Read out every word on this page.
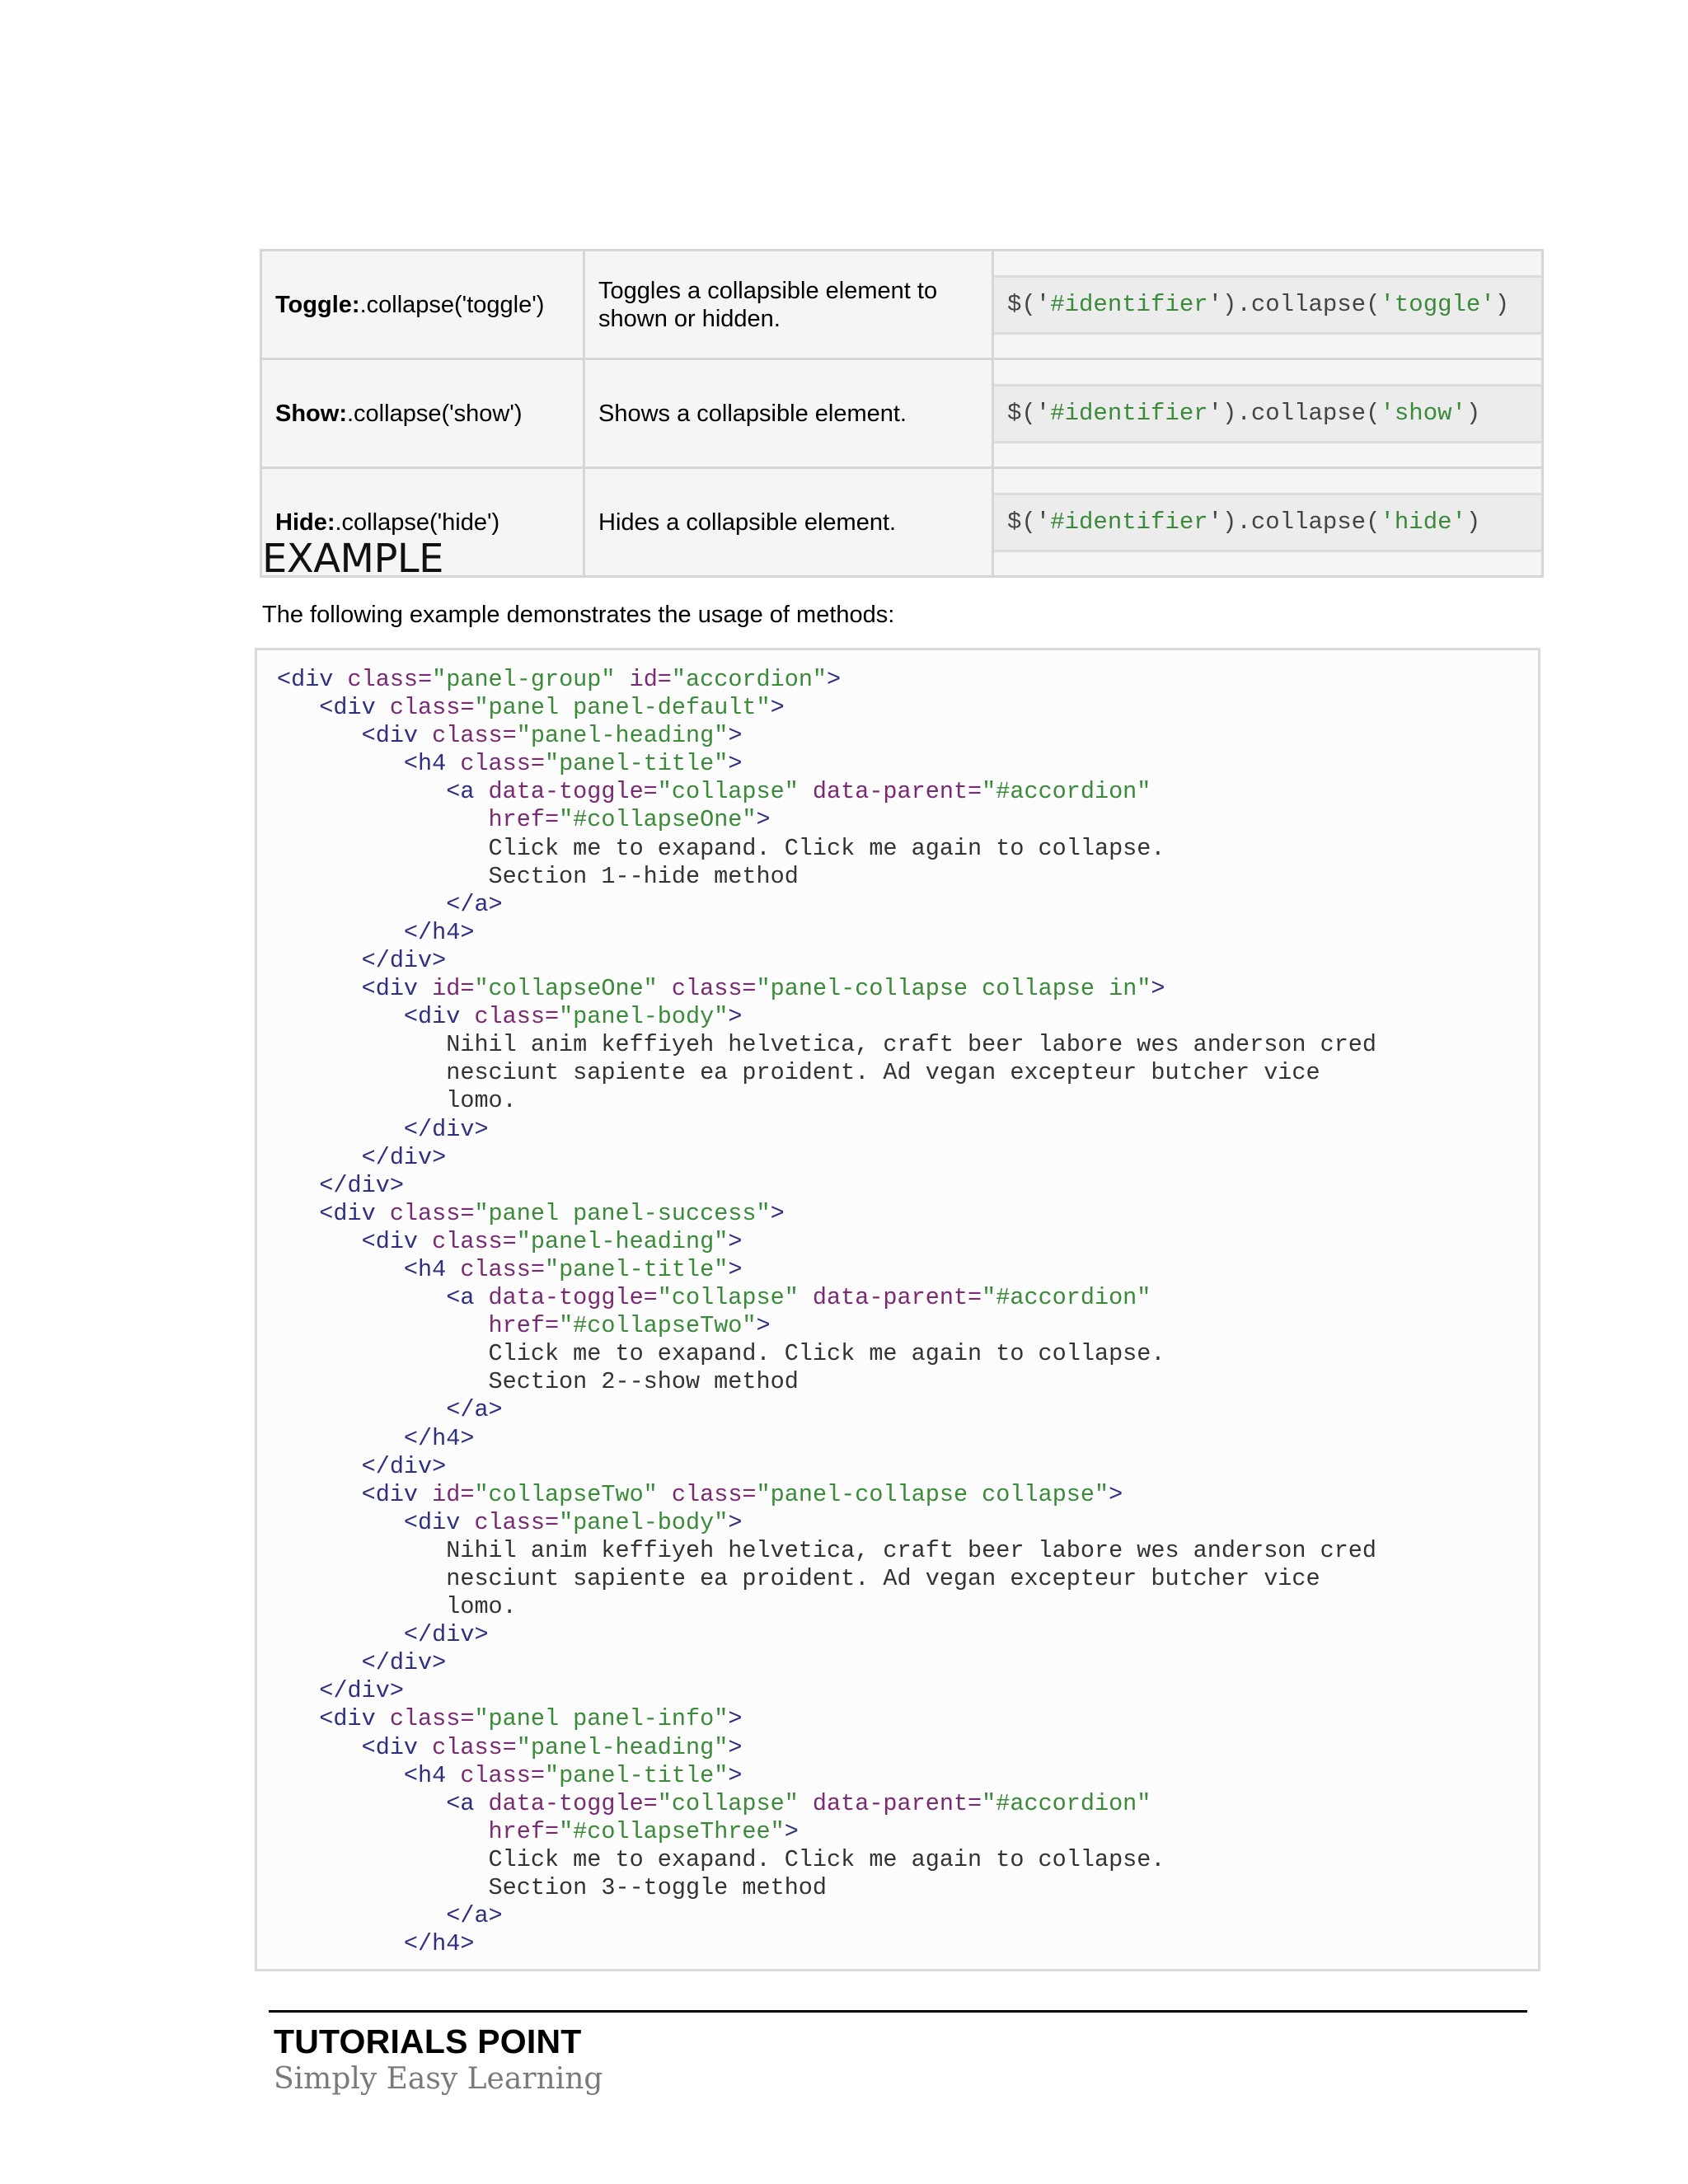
Toggle:.collapse('toggle')	Toggles a collapsible element to shown or hidden.	$(' #identifier ').collapse( 'toggle' )

Show:.collapse('show')	Shows a collapsible element.	$(' #identifier ').collapse( 'show' )

Hide:.collapse('hide')	Hides a collapsible element.	$(' #identifier ').collapse( 'hide' )
EXAMPLE

The following example demonstrates the usage of methods:

<div class="panel-group" id="accordion">
<div class="panel panel-default">
<div class="panel-heading">
<h4 class="panel-title">
<a data-toggle="collapse" data-parent="#accordion"
href="#collapseOne">
Click me to exapand. Click me again to collapse.
Section 1--hide method
</a>
</h4>
</div>
<div id="collapseOne" class="panel-collapse collapse in">
<div class="panel-body">
Nihil anim keffiyeh helvetica, craft beer labore wes anderson cred
nesciunt sapiente ea proident. Ad vegan excepteur butcher vice
lomo.
</div>
</div>
</div>
<div class="panel panel-success">
<div class="panel-heading">
<h4 class="panel-title">
<a data-toggle="collapse" data-parent="#accordion"
href="#collapseTwo">
Click me to exapand. Click me again to collapse.
Section 2--show method
</a>
</h4>
</div>
<div id="collapseTwo" class="panel-collapse collapse">
<div class="panel-body">
Nihil anim keffiyeh helvetica, craft beer labore wes anderson cred
nesciunt sapiente ea proident. Ad vegan excepteur butcher vice
lomo.
</div>
</div>
</div>
<div class="panel panel-info">
<div class="panel-heading">
<h4 class="panel-title">
<a data-toggle="collapse" data-parent="#accordion"
href="#collapseThree">
Click me to exapand. Click me again to collapse.
Section 3--toggle method
</a>
</h4>

TUTORIALS POINT

Simply Easy Learning
